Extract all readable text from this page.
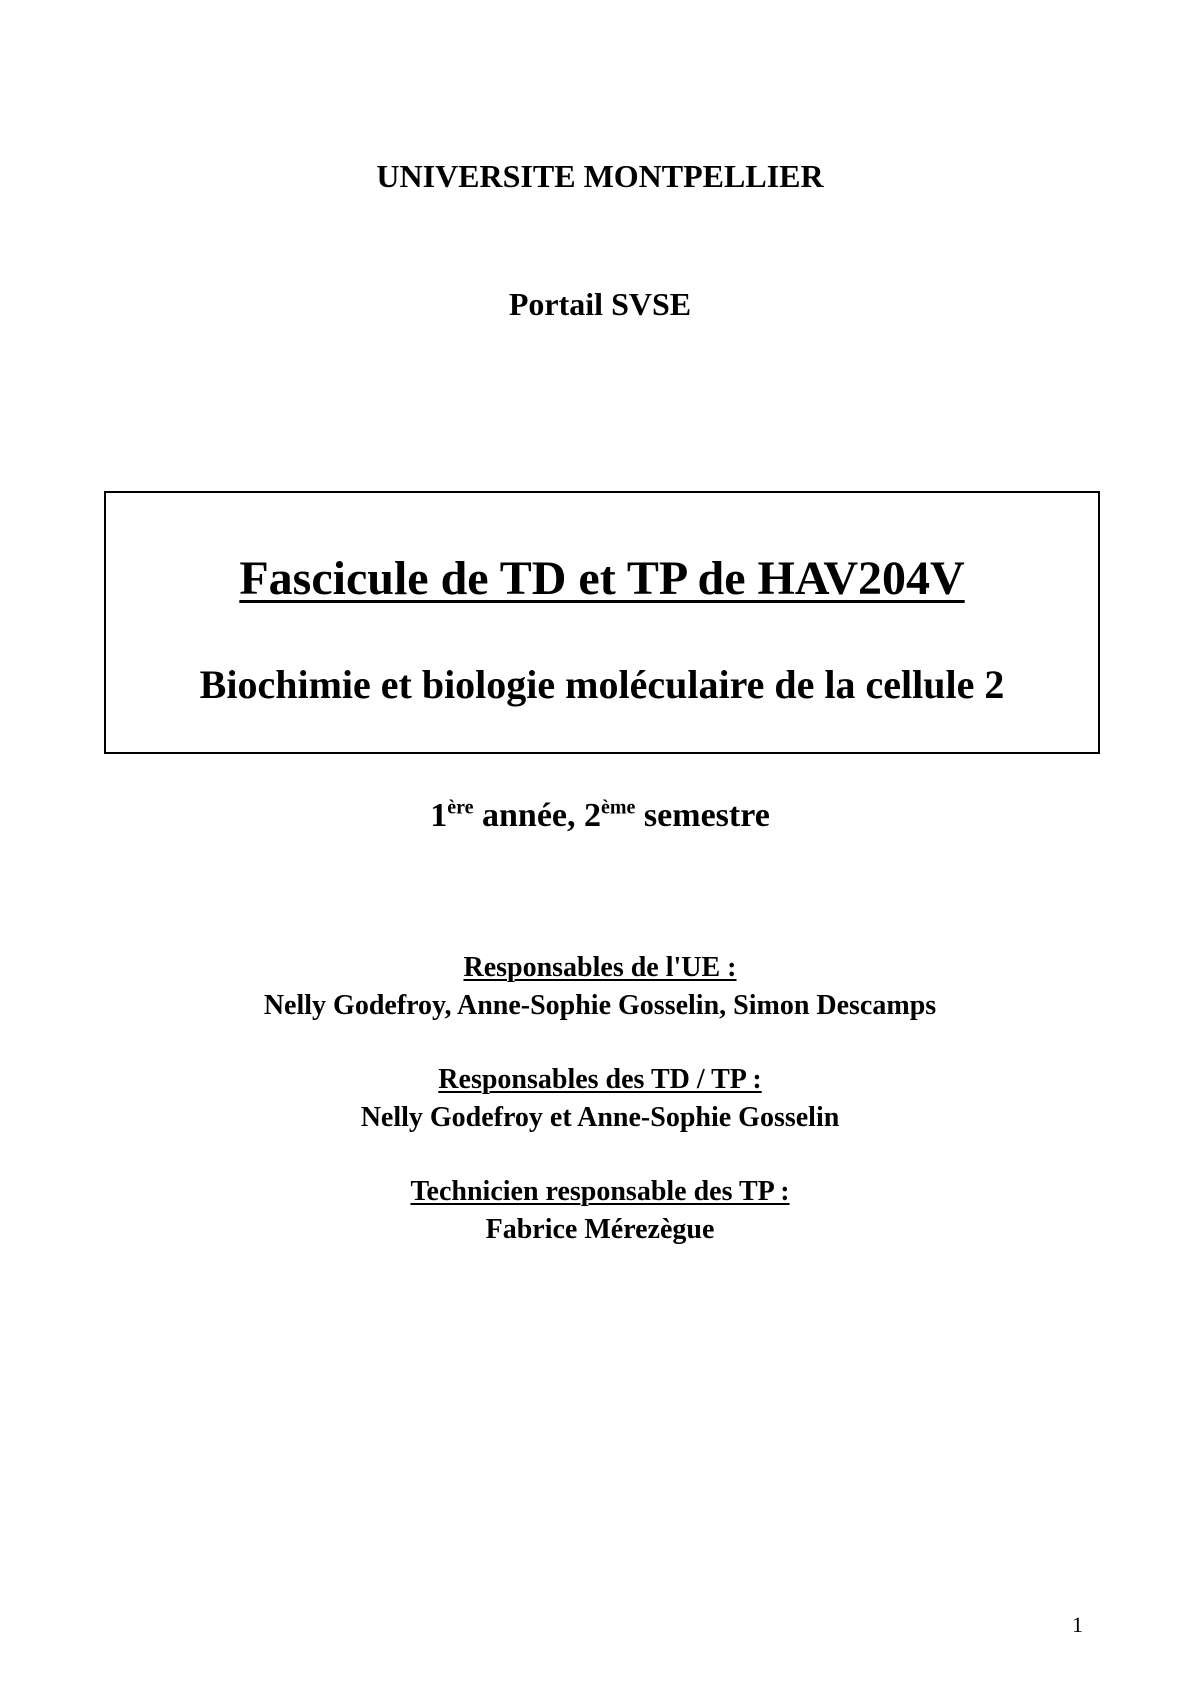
UNIVERSITE MONTPELLIER
Portail SVSE
Fascicule de TD et TP de HAV204V
Biochimie et biologie moléculaire de la cellule 2
1ère année, 2ème semestre
Responsables de l'UE :
Nelly Godefroy, Anne-Sophie Gosselin, Simon Descamps
Responsables des TD / TP :
Nelly Godefroy et Anne-Sophie Gosselin
Technicien responsable des TP :
Fabrice Mérezègue
1
